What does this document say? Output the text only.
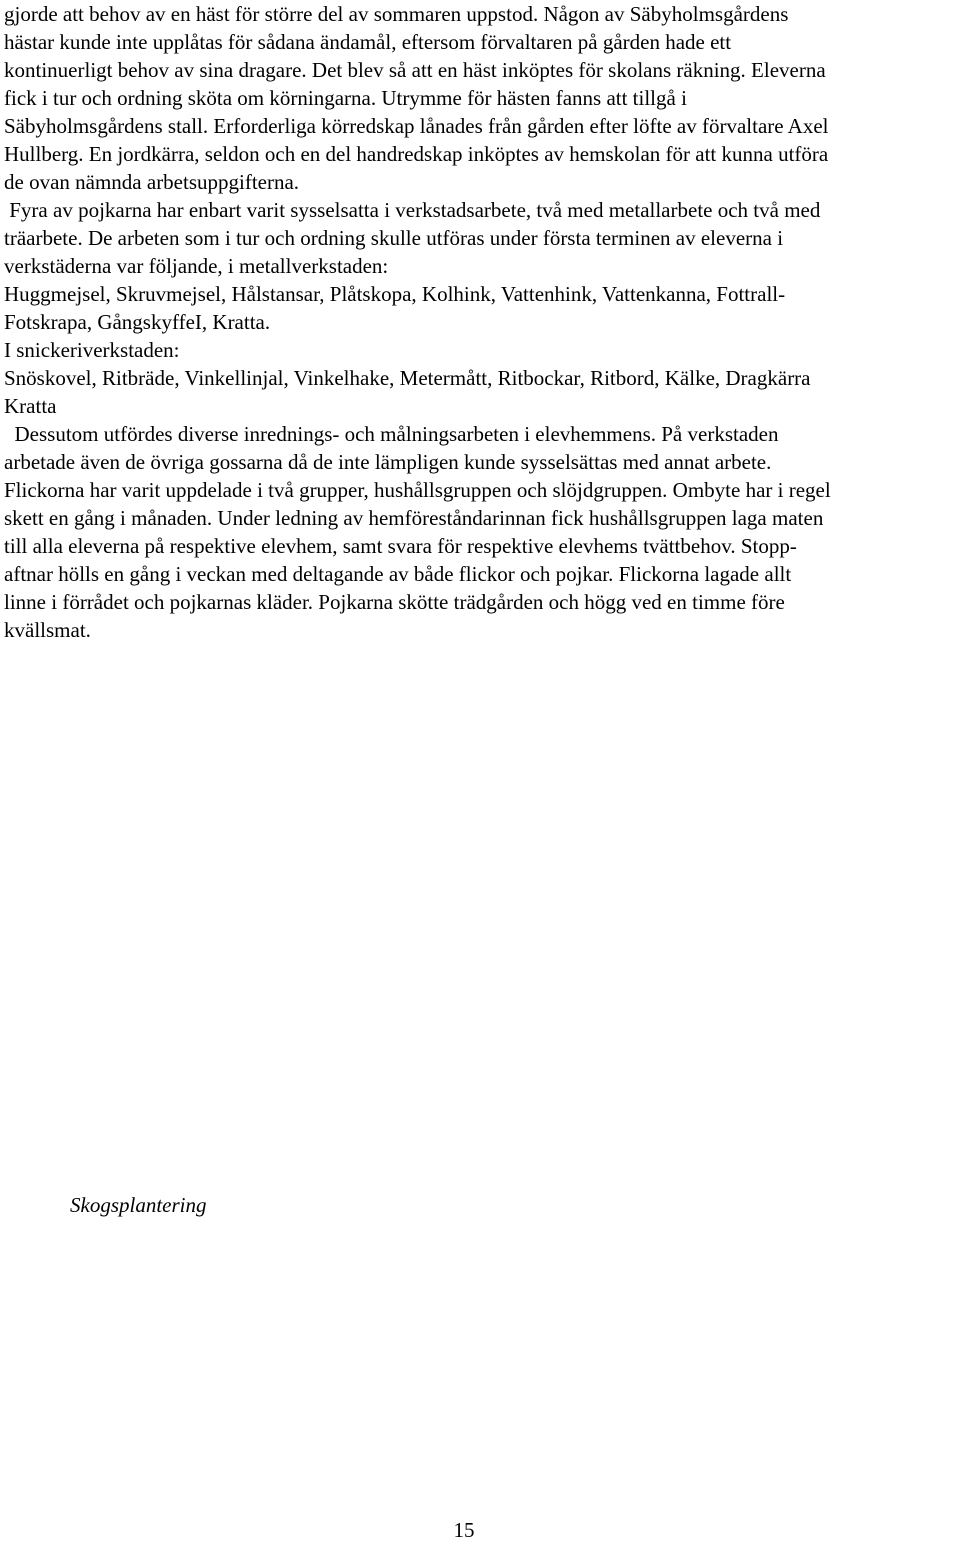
gjorde att behov av en häst för större del av sommaren uppstod. Någon av Säbyholmsgårdens
hästar kunde inte upplåtas för sådana ändamål, eftersom förvaltaren på gården hade ett
kontinuerligt behov av sina dragare. Det blev så att en häst inköptes för skolans räkning. Eleverna
fick i tur och ordning sköta om körningarna. Utrymme för hästen fanns att tillgå i
Säbyholmsgårdens stall. Erforderliga körredskap lånades från gården efter löfte av förvaltare Axel
Hullberg. En jordkärra, seldon och en del handredskap inköptes av hemskolan för att kunna utföra
de ovan nämnda arbetsuppgifterna.
Fyra av pojkarna har enbart varit sysselsatta i verkstadsarbete, två med metallarbete och två med
träarbete. De arbeten som i tur och ordning skulle utföras under första terminen av eleverna i
verkstäderna var följande, i metallverkstaden:
Huggmejsel, Skruvmejsel, Hålstansar, Plåtskopa, Kolhink, Vattenhink, Vattenkanna, Fottrall-
Fotskrapa, GångskyffeI, Kratta.
I snickeriverkstaden:
Snöskovel, Ritbräde, Vinkellinjal, Vinkelhake, Metermått, Ritbockar, Ritbord, Kälke, Dragkärra
Kratta
Dessutom utfördes diverse inrednings- och målningsarbeten i elevhemmens. På verkstaden
arbetade även de övriga gossarna då de inte lämpligen kunde sysselsättas med annat arbete.
Flickorna har varit uppdelade i två grupper, hushållsgruppen och slöjdgruppen. Ombyte har i regel
skett en gång i månaden. Under ledning av hemföreståndarinnan fick hushållsgruppen laga maten
till alla eleverna på respektive elevhem, samt svara för respektive elevhems tvättbehov. Stopp-
aftnar hölls en gång i veckan med deltagande av både flickor och pojkar. Flickorna lagade allt
linne i förrådet och pojkarnas kläder. Pojkarna skötte trädgården och högg ved en timme före
kvällsmat.
Skogsplantering
15
